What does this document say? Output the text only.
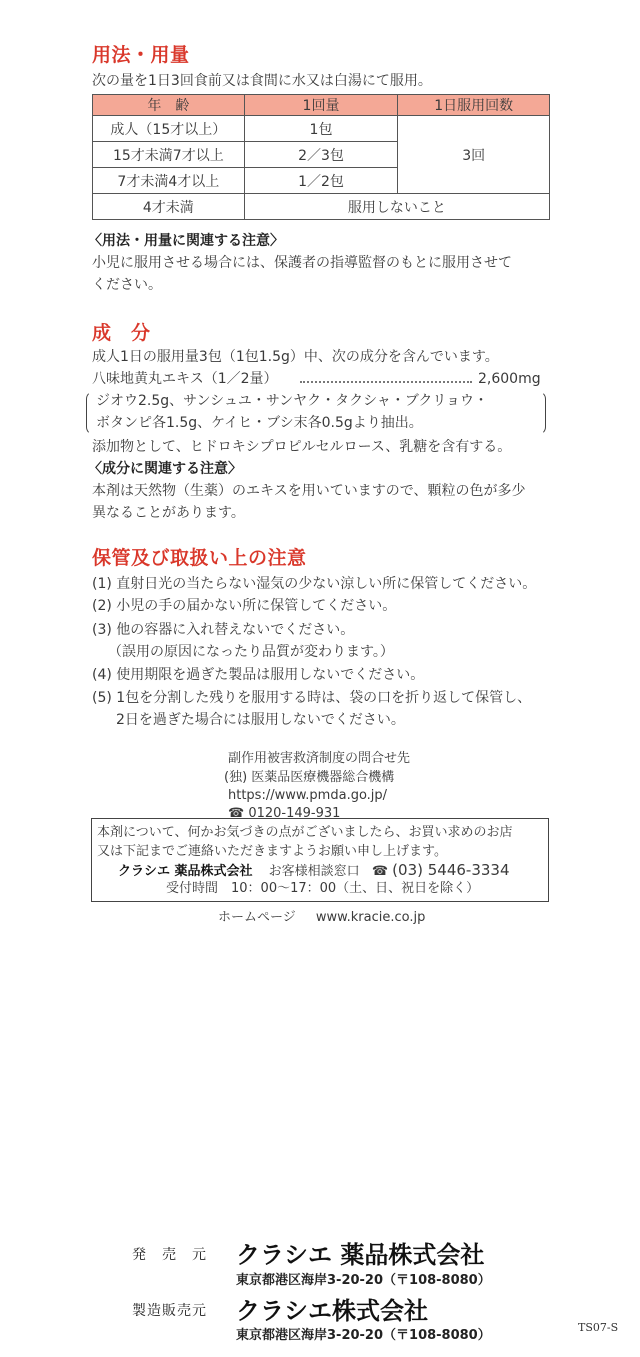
用法・用量
次の量を1日3回食前又は食間に水又は白湯にて服用。
年　齢	1回量	1日服用回数
成人（15才以上）	1包	3回
15才未満7才以上	2／3包	
7才未満4才以上	1／2包	
4才未満	服用しないこと	
〈用法・用量に関連する注意〉
小児に服用させる場合には、保護者の指導監督のもとに服用させて
ください。
成　分
成人1日の服用量3包（1包1.5g）中、次の成分を含んでいます。
八味地黄丸エキス（1／2量）	2,600mg
ジオウ2.5g、サンシュユ・サンヤク・タクシャ・ブクリョウ・
ボタンピ各1.5g、ケイヒ・ブシ末各0.5gより抽出。
添加物として、ヒドロキシプロピルセルロース、乳糖を含有する。
〈成分に関連する注意〉
本剤は天然物（生薬）のエキスを用いていますので、顆粒の色が多少
異なることがあります。
保管及び取扱い上の注意
(1) 直射日光の当たらない湿気の少ない涼しい所に保管してください。
(2) 小児の手の届かない所に保管してください。
(3) 他の容器に入れ替えないでください。
（誤用の原因になったり品質が変わります。）
(4) 使用期限を過ぎた製品は服用しないでください。
(5) 1包を分割した残りを服用する時は、袋の口を折り返して保管し、
2日を過ぎた場合には服用しないでください。
副作用被害救済制度の問合せ先
(独) 医薬品医療機器総合機構
https://www.pmda.go.jp/
☎ 0120-149-931
本剤について、何かお気づきの点がございましたら、お買い求めのお店
又は下記までご連絡いただきますようお願い申し上げます。
クラシエ 薬品株式会社 お客様相談窓口 ☎ (03) 5446-3334
受付時間　10：00〜17：00（土、日、祝日を除く）
ホームページ www.kracie.co.jp
発　売　元 クラシエ 薬品株式会社
東京都港区海岸3-20-20（〒108-8080）
製造販売元 クラシエ株式会社
東京都港区海岸3-20-20（〒108-8080）
TS07-S
